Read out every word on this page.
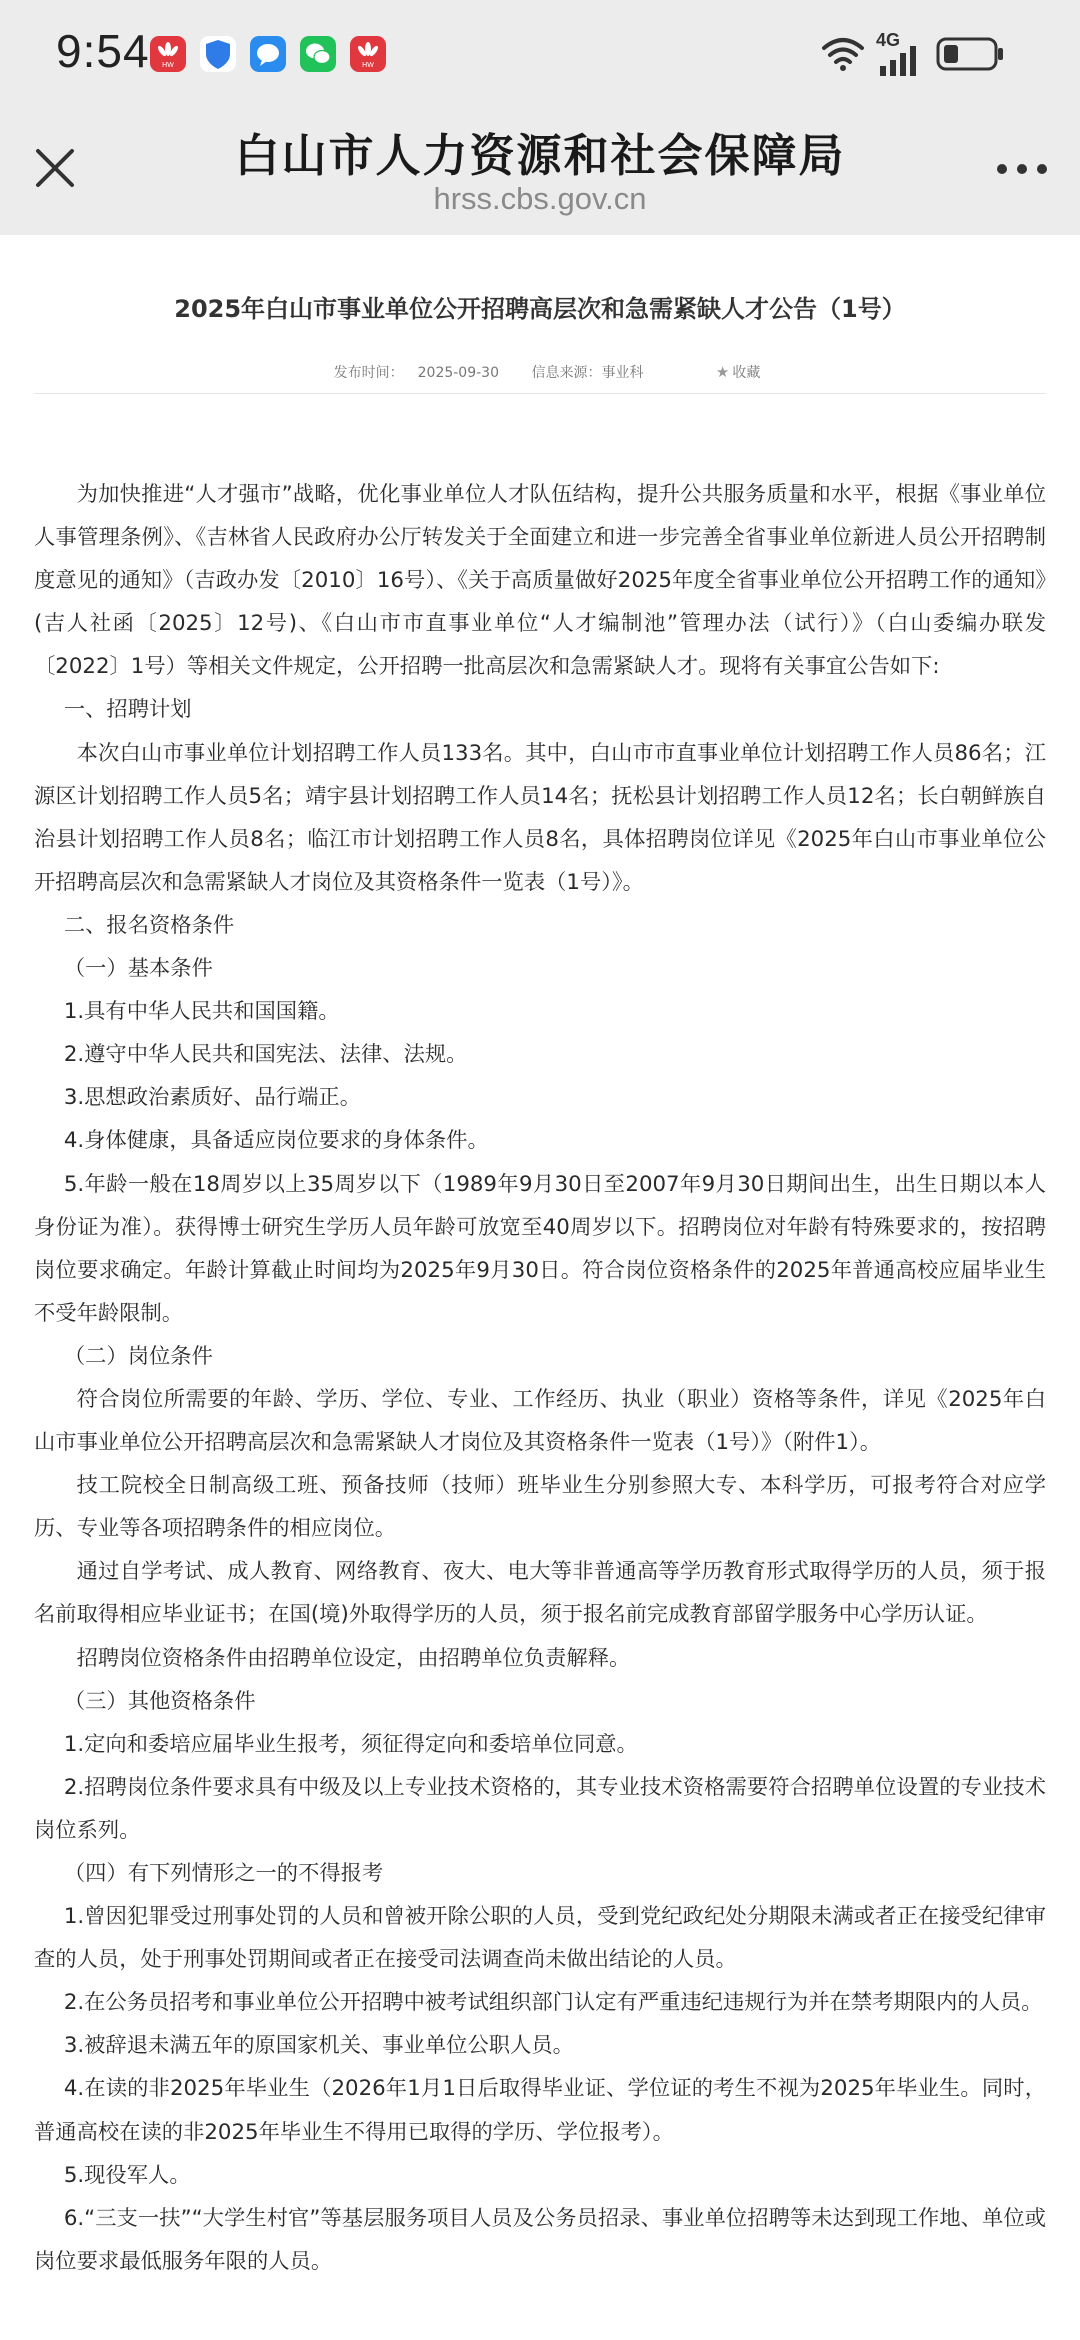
9:54 HW	HW
4G
白山市人力资源和社会保障局
hrss.cbs.gov.cn
2025年白山市事业单位公开招聘高层次和急需紧缺人才公告（1号）
发布时间： 2025-09-30 信息来源：事业科	★ 收藏

为加快推进“人才强市”战略，优化事业单位人才队伍结构，提升公共服务质量和水平，根据《事业单位人事管理条例》、《吉林省人民政府办公厅转发关于全面建立和进一步完善全省事业单位新进人员公开招聘制度意见的通知》（吉政办发〔2010〕16号）、《关于高质量做好2025年度全省事业单位公开招聘工作的通知》(吉人社函〔2025〕12号)、《白山市市直事业单位“人才编制池”管理办法（试行）》（白山委编办联发〔2022〕1号）等相关文件规定，公开招聘一批高层次和急需紧缺人才。现将有关事宜公告如下:

一、招聘计划

本次白山市事业单位计划招聘工作人员133名。其中，白山市市直事业单位计划招聘工作人员86名；江源区计划招聘工作人员5名；靖宇县计划招聘工作人员14名；抚松县计划招聘工作人员12名；长白朝鲜族自治县计划招聘工作人员8名；临江市计划招聘工作人员8名，具体招聘岗位详见《2025年白山市事业单位公开招聘高层次和急需紧缺人才岗位及其资格条件一览表（1号）》。

二、报名资格条件

（一）基本条件

1.具有中华人民共和国国籍。

2.遵守中华人民共和国宪法、法律、法规。

3.思想政治素质好、品行端正。

4.身体健康，具备适应岗位要求的身体条件。

5.年龄一般在18周岁以上35周岁以下（1989年9月30日至2007年9月30日期间出生，出生日期以本人身份证为准）。获得博士研究生学历人员年龄可放宽至40周岁以下。招聘岗位对年龄有特殊要求的，按招聘岗位要求确定。年龄计算截止时间均为2025年9月30日。符合岗位资格条件的2025年普通高校应届毕业生不受年龄限制。

（二）岗位条件

符合岗位所需要的年龄、学历、学位、专业、工作经历、执业（职业）资格等条件，详见《2025年白山市事业单位公开招聘高层次和急需紧缺人才岗位及其资格条件一览表（1号）》（附件1）。

技工院校全日制高级工班、预备技师（技师）班毕业生分别参照大专、本科学历，可报考符合对应学历、专业等各项招聘条件的相应岗位。

通过自学考试、成人教育、网络教育、夜大、电大等非普通高等学历教育形式取得学历的人员，须于报名前取得相应毕业证书；在国(境)外取得学历的人员，须于报名前完成教育部留学服务中心学历认证。

招聘岗位资格条件由招聘单位设定，由招聘单位负责解释。

（三）其他资格条件

1.定向和委培应届毕业生报考，须征得定向和委培单位同意。

2.招聘岗位条件要求具有中级及以上专业技术资格的，其专业技术资格需要符合招聘单位设置的专业技术岗位系列。

（四）有下列情形之一的不得报考

1.曾因犯罪受过刑事处罚的人员和曾被开除公职的人员，受到党纪政纪处分期限未满或者正在接受纪律审查的人员，处于刑事处罚期间或者正在接受司法调查尚未做出结论的人员。

2.在公务员招考和事业单位公开招聘中被考试组织部门认定有严重违纪违规行为并在禁考期限内的人员。

3.被辞退未满五年的原国家机关、事业单位公职人员。

4.在读的非2025年毕业生（2026年1月1日后取得毕业证、学位证的考生不视为2025年毕业生。同时，普通高校在读的非2025年毕业生不得用已取得的学历、学位报考）。

5.现役军人。

6.“三支一扶”“大学生村官”等基层服务项目人员及公务员招录、事业单位招聘等未达到现工作地、单位或岗位要求最低服务年限的人员。
